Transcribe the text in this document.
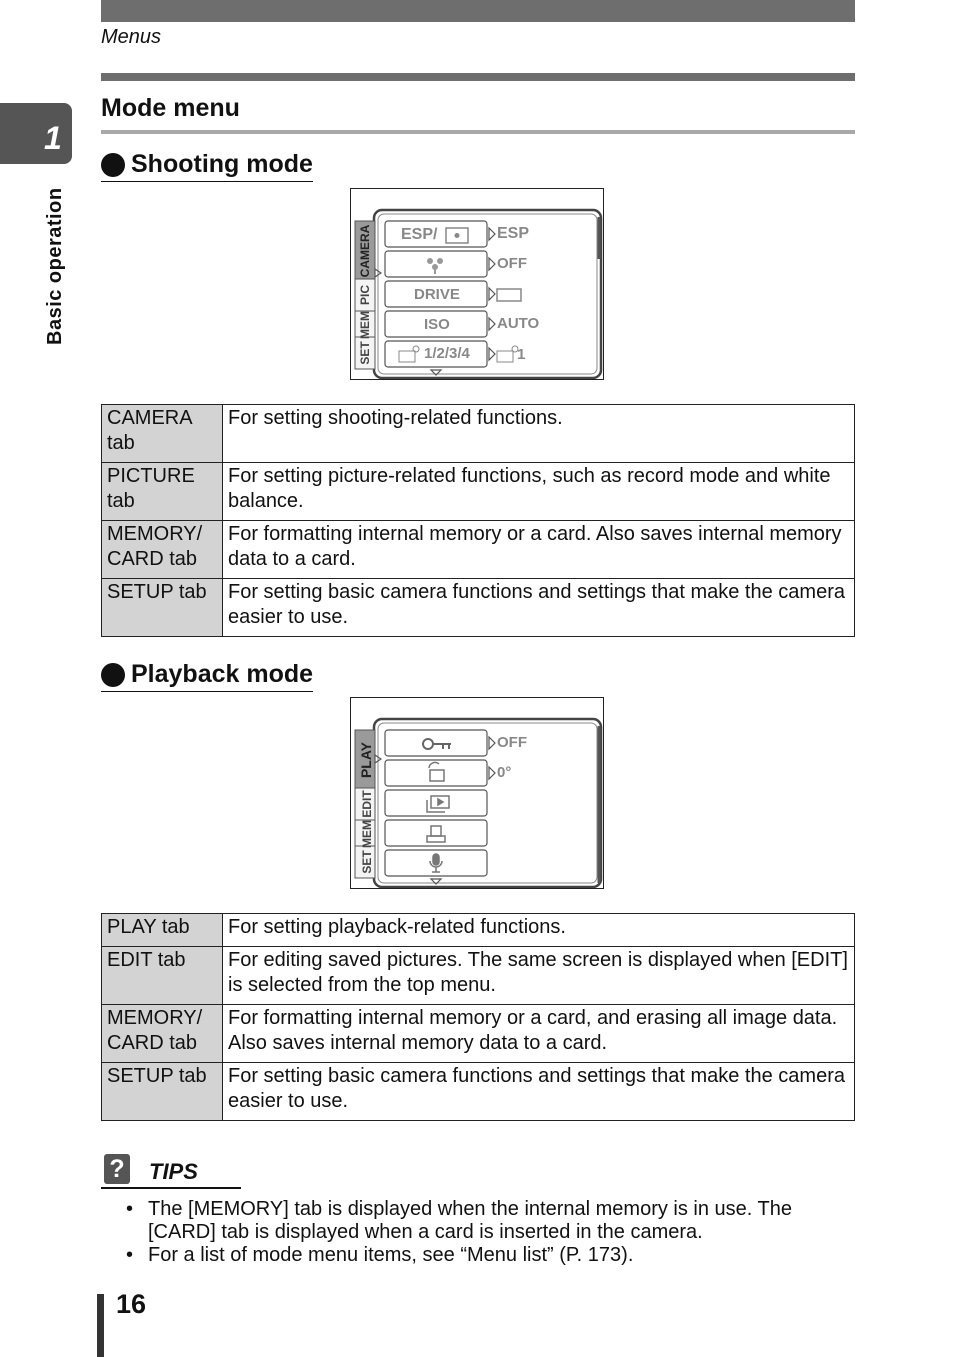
Menus
Mode menu
1
Basic operation
Shooting mode
SETMEMPICCAMERA ESP/
DRIVE
ISO
1/2/3/4
ESP
OFF
AUTO
1
CAMERA tab	For setting shooting-related functions.
PICTURE tab	For setting picture-related functions, such as record mode and white balance.
MEMORY/ CARD tab	For formatting internal memory or a card. Also saves internal memory data to a card.
SETUP tab	For setting basic camera functions and settings that make the camera easier to use.
Playback mode
SETMEMEDITPLAY	OFF
0°
PLAY tab	For setting playback-related functions.
EDIT tab	For editing saved pictures. The same screen is displayed when [EDIT] is selected from the top menu.
MEMORY/ CARD tab	For formatting internal memory or a card, and erasing all image data. Also saves internal memory data to a card.
SETUP tab	For setting basic camera functions and settings that make the camera easier to use.
? TIPS
• The [MEMORY] tab is displayed when the internal memory is in use. The [CARD] tab is displayed when a card is inserted in the camera.
• For a list of mode menu items, see “Menu list” (P. 173).
16
